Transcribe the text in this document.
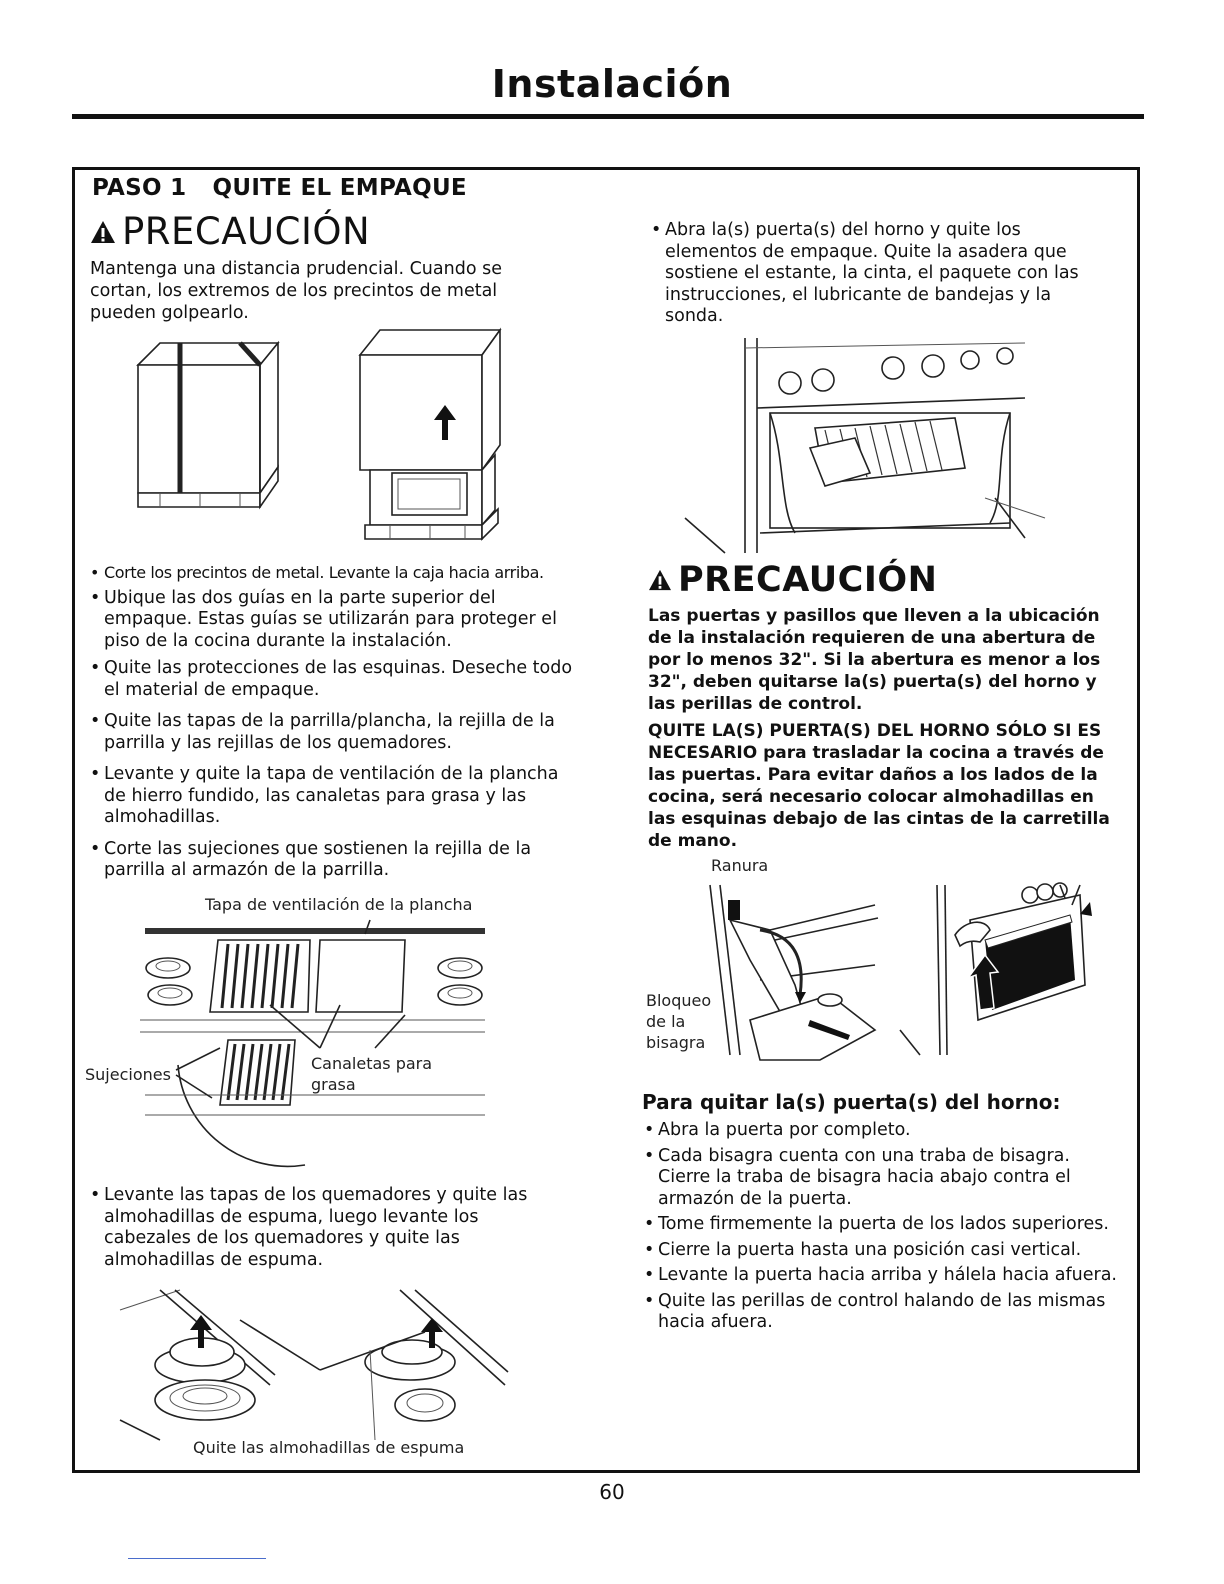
Instalación
PASO 1 QUITE EL EMPAQUE
PRECAUCIÓN
Mantenga una distancia prudencial. Cuando se cortan, los extremos de los precintos de metal pueden golpearlo.
• Corte los precintos de metal. Levante la caja hacia arriba.
• Ubique las dos guías en la parte superior del empaque. Estas guías se utilizarán para proteger el piso de la cocina durante la instalación.
• Quite las protecciones de las esquinas. Deseche todo el material de empaque.
• Quite las tapas de la parrilla/plancha, la rejilla de la parrilla y las rejillas de los quemadores.
• Levante y quite la tapa de ventilación de la plancha de hierro fundido, las canaletas para grasa y las almohadillas.
• Corte las sujeciones que sostienen la rejilla de la parrilla al armazón de la parrilla.
Tapa de ventilación de la plancha
Sujeciones
Canaletas para grasa
• Levante las tapas de los quemadores y quite las almohadillas de espuma, luego levante los cabezales de los quemadores y quite las almohadillas de espuma.
Quite las almohadillas de espuma
• Abra la(s) puerta(s) del horno y quite los elementos de empaque. Quite la asadera que sostiene el estante, la cinta, el paquete con las instrucciones, el lubricante de bandejas y la sonda.
PRECAUCIÓN
Las puertas y pasillos que lleven a la ubicación de la instalación requieren de una abertura de por lo menos 32". Si la abertura es menor a los 32", deben quitarse la(s) puerta(s) del horno y las perillas de control.
QUITE LA(S) PUERTA(S) DEL HORNO SÓLO SI ES NECESARIO para trasladar la cocina a través de las puertas. Para evitar daños a los lados de la cocina, será necesario colocar almohadillas en las esquinas debajo de las cintas de la carretilla de mano.
Ranura
Bloqueo de la bisagra
Para quitar la(s) puerta(s) del horno:
• Abra la puerta por completo.
• Cada bisagra cuenta con una traba de bisagra. Cierre la traba de bisagra hacia abajo contra el armazón de la puerta.
• Tome firmemente la puerta de los lados superiores.
• Cierre la puerta hasta una posición casi vertical.
• Levante la puerta hacia arriba y hálela hacia afuera.
• Quite las perillas de control halando de las mismas hacia afuera.
60
